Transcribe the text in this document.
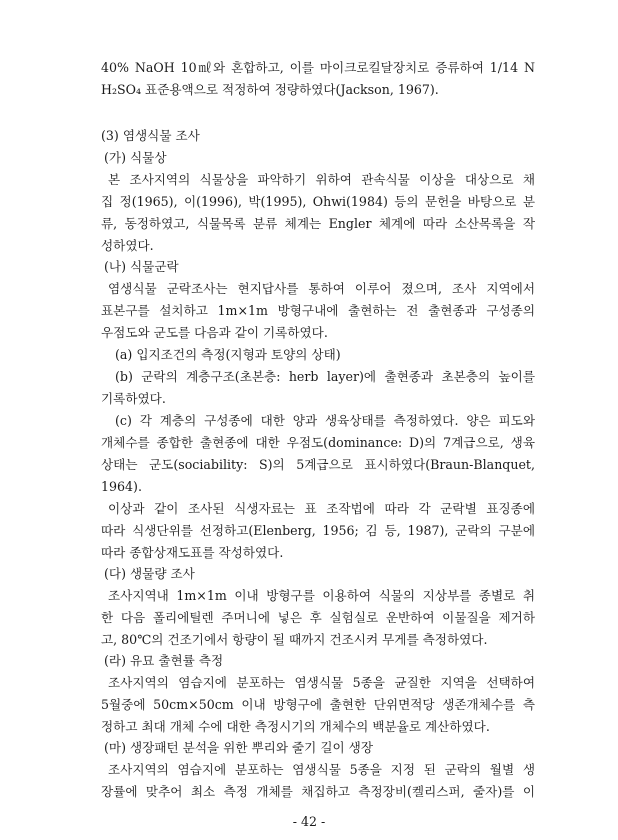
40% NaOH 10㎖와 혼합하고, 이를 마이크로킬달장치로 증류하여 1/14 N
H₂SO₄ 표준용액으로 적정하여 정량하였다(Jackson, 1967).
(3) 염생식물 조사
(가) 식물상
본 조사지역의 식물상을 파악하기 위하여 관속식물 이상을 대상으로 채
집 정(1965), 이(1996), 박(1995), Ohwi(1984) 등의 문헌을 바탕으로 분
류, 동정하였고, 식물목록 분류 체계는 Engler 체계에 따라 소산목록을 작
성하였다.
(나) 식물군락
염생식물 군락조사는 현지답사를 통하여 이루어 졌으며, 조사 지역에서
표본구를 설치하고 1m×1m 방형구내에 출현하는 전 출현종과 구성종의
우점도와 군도를 다음과 같이 기록하였다.
(a) 입지조건의 측정(지형과 토양의 상태)
(b) 군락의 계층구조(초본층: herb layer)에 출현종과 초본층의 높이를
기록하였다.
(c) 각 계층의 구성종에 대한 양과 생육상태를 측정하였다. 양은 피도와
개체수를 종합한 출현종에 대한 우점도(dominance: D)의 7계급으로, 생육
상태는 군도(sociability: S)의 5계급으로 표시하였다(Braun-Blanquet,
1964).
이상과 같이 조사된 식생자료는 표 조작법에 따라 각 군락별 표징종에
따라 식생단위를 선정하고(Elenberg, 1956; 김 등, 1987), 군락의 구분에
따라 종합상재도표를 작성하였다.
(다) 생물량 조사
조사지역내 1m×1m 이내 방형구를 이용하여 식물의 지상부를 종별로 취
한 다음 폴리에틸렌 주머니에 넣은 후 실험실로 운반하여 이물질을 제거하
고, 80℃의 건조기에서 항량이 될 때까지 건조시켜 무게를 측정하였다.
(라) 유묘 출현률 측정
조사지역의 염습지에 분포하는 염생식물 5종을 균질한 지역을 선택하여
5월중에 50cm×50cm 이내 방형구에 출현한 단위면적당 생존개체수를 측
정하고 최대 개체 수에 대한 측정시기의 개체수의 백분율로 계산하였다.
(마) 생장패턴 분석을 위한 뿌리와 줄기 길이 생장
조사지역의 염습지에 분포하는 염생식물 5종을 지정 된 군락의 월별 생
장률에 맞추어 최소 측정 개체를 채집하고 측정장비(켈리스퍼, 줄자)를 이
- 42 -
